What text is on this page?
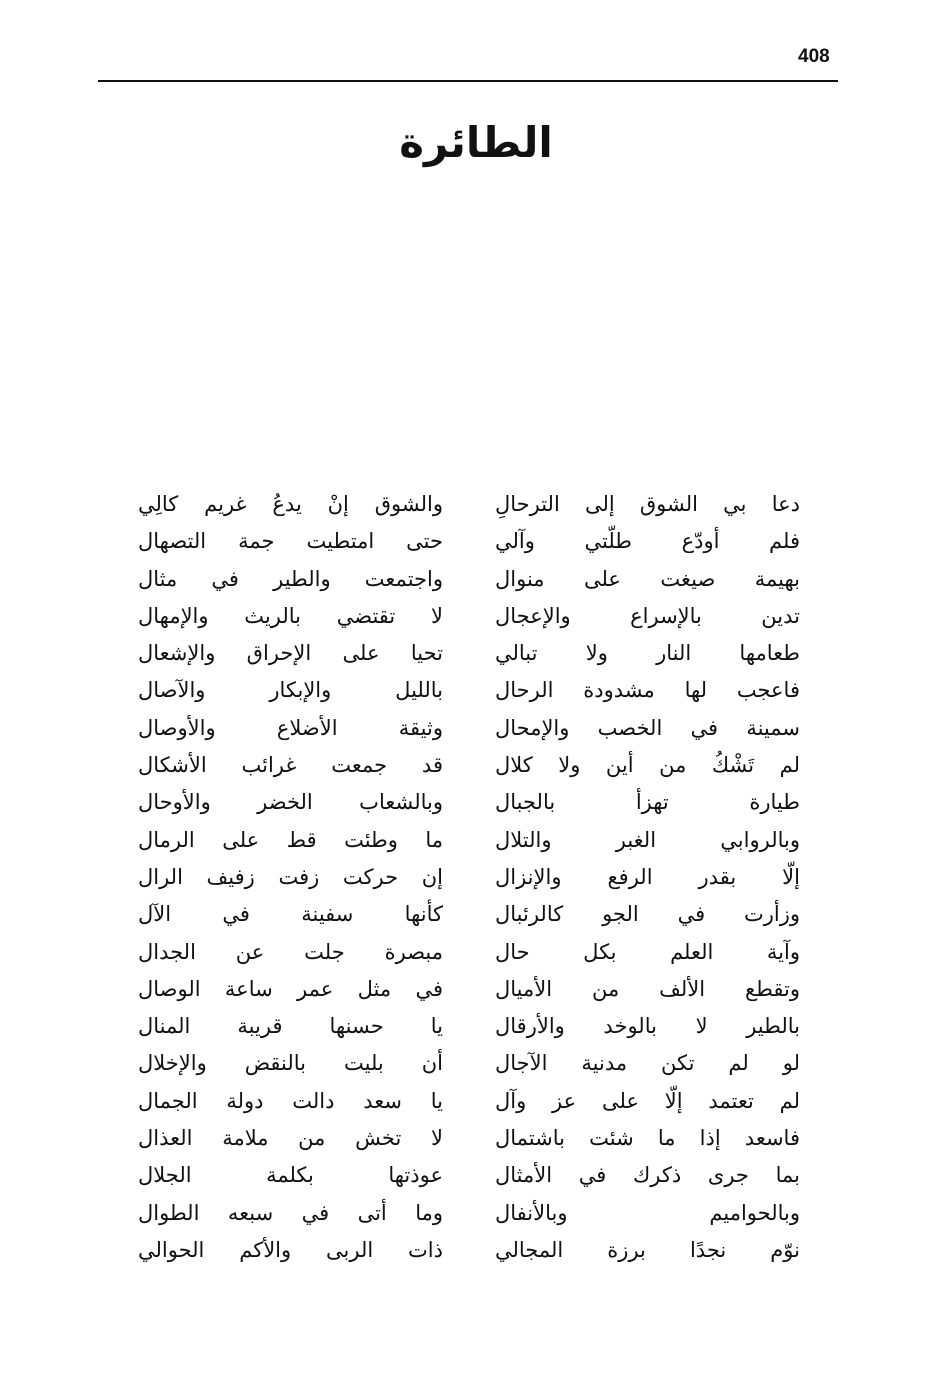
408
الطائرة
دعا بي الشوق إلى الترحالِ
فلم أودّع طلّتي وآلي
بهيمة صيغت على منوال
تدين بالإسراع والإعجال
طعامها النار ولا تبالي
فاعجب لها مشدودة الرحال
سمينة في الخصب والإمحال
لم تَشْكُ من أين ولا كلال
طيارة تهزأ بالجبال
وبالروابي الغبر والتلال
إلّا بقدر الرفع والإنزال
وزأرت في الجو كالرئبال
وآية العلم بكل حال
وتقطع الألف من الأميال
بالطير لا بالوخد والأرقال
لو لم تكن مدنية الآجال
لم تعتمد إلّا على عز وآل
فاسعد إذا ما شئت باشتمال
بما جرى ذكرك في الأمثال
وبالحواميم وبالأنفال
نوّم نجدًا برزة المجالي
والشوق إنْ يدعُ غريم كالِي
حتى امتطيت جمة التصهال
واجتمعت والطير في مثال
لا تقتضي بالريث والإمهال
تحيا على الإحراق والإشعال
بالليل والإبكار والآصال
وثيقة الأضلاع والأوصال
قد جمعت غرائب الأشكال
وبالشعاب الخضر والأوحال
ما وطئت قط على الرمال
إن حركت زفت زفيف الرال
كأنها سفينة في الآل
مبصرة جلت عن الجدال
في مثل عمر ساعة الوصال
يا حسنها قريبة المنال
أن بليت بالنقض والإخلال
يا سعد دالت دولة الجمال
لا تخش من ملامة العذال
عوذتها بكلمة الجلال
وما أتى في سبعه الطوال
ذات الربى والأكم الحوالي
